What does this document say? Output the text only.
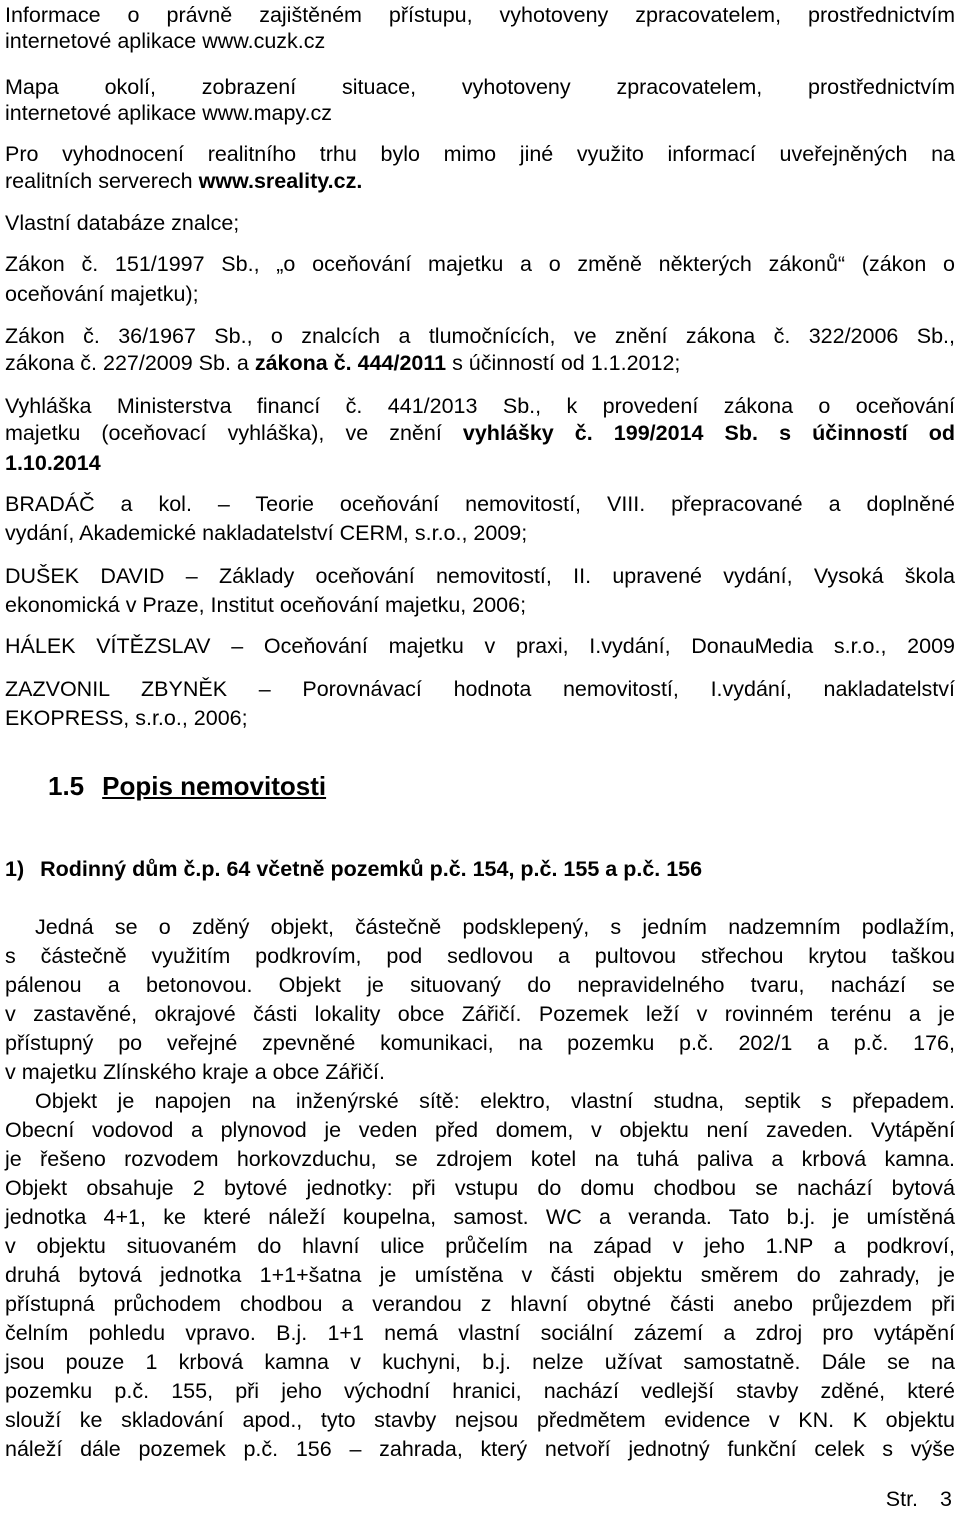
Informace o právně zajištěném přístupu, vyhotoveny zpracovatelem, prostřednictvím
internetové aplikace www.cuzk.cz
Mapa okolí, zobrazení situace, vyhotoveny zpracovatelem, prostřednictvím
internetové aplikace www.mapy.cz
Pro vyhodnocení realitního trhu bylo mimo jiné využito informací uveřejněných na
realitních serverech www.sreality.cz.
Vlastní databáze znalce;
Zákon č. 151/1997 Sb., „o oceňování majetku a o změně některých zákonů“ (zákon o
oceňování majetku);
Zákon č. 36/1967 Sb., o znalcích a tlumočnících, ve znění zákona č. 322/2006 Sb.,
zákona č. 227/2009 Sb. a zákona č. 444/2011 s účinností od 1.1.2012;
Vyhláška Ministerstva financí č. 441/2013 Sb., k provedení zákona o oceňování
majetku (oceňovací vyhláška), ve znění vyhlášky č. 199/2014 Sb. s účinností od
1.10.2014
BRADÁČ a kol. – Teorie oceňování nemovitostí, VIII. přepracované a doplněné
vydání, Akademické nakladatelství CERM, s.r.o., 2009;
DUŠEK DAVID – Základy oceňování nemovitostí, II. upravené vydání, Vysoká škola
ekonomická v Praze, Institut oceňování majetku, 2006;
HÁLEK VÍTĚZSLAV – Oceňování majetku v praxi, I.vydání, DonauMedia s.r.o., 2009
ZAZVONIL ZBYNĚK – Porovnávací hodnota nemovitostí, I.vydání, nakladatelství
EKOPRESS, s.r.o., 2006;
1.5 Popis nemovitosti
1) Rodinný dům č.p. 64 včetně pozemků p.č. 154, p.č. 155 a p.č. 156
Jedná se o zděný objekt, částečně podsklepený, s jedním nadzemním podlažím,
s částečně využitím podkrovím, pod sedlovou a pultovou střechou krytou taškou
pálenou a betonovou. Objekt je situovaný do nepravidelného tvaru, nachází se
v zastavěné, okrajové části lokality obce Zářičí. Pozemek leží v rovinném terénu a je
přístupný po veřejné zpevněné komunikaci, na pozemku p.č. 202/1 a p.č. 176,
v majetku Zlínského kraje a obce Zářičí.
Objekt je napojen na inženýrské sítě: elektro, vlastní studna, septik s přepadem.
Obecní vodovod a plynovod je veden před domem, v objektu není zaveden. Vytápění
je řešeno rozvodem horkovzduchu, se zdrojem kotel na tuhá paliva a krbová kamna.
Objekt obsahuje 2 bytové jednotky: při vstupu do domu chodbou se nachází bytová
jednotka 4+1, ke které náleží koupelna, samost. WC a veranda. Tato b.j. je umístěná
v objektu situovaném do hlavní ulice průčelím na západ v jeho 1.NP a podkroví,
druhá bytová jednotka 1+1+šatna je umístěna v části objektu směrem do zahrady, je
přístupná průchodem chodbou a verandou z hlavní obytné části anebo průjezdem při
čelním pohledu vpravo. B.j. 1+1 nemá vlastní sociální zázemí a zdroj pro vytápění
jsou pouze 1 krbová kamna v kuchyni, b.j. nelze užívat samostatně. Dále se na
pozemku p.č. 155, při jeho východní hranici, nachází vedlejší stavby zděné, které
slouží ke skladování apod., tyto stavby nejsou předmětem evidence v KN. K objektu
náleží dále pozemek p.č. 156 – zahrada, který netvoří jednotný funkční celek s výše
Str. 3
